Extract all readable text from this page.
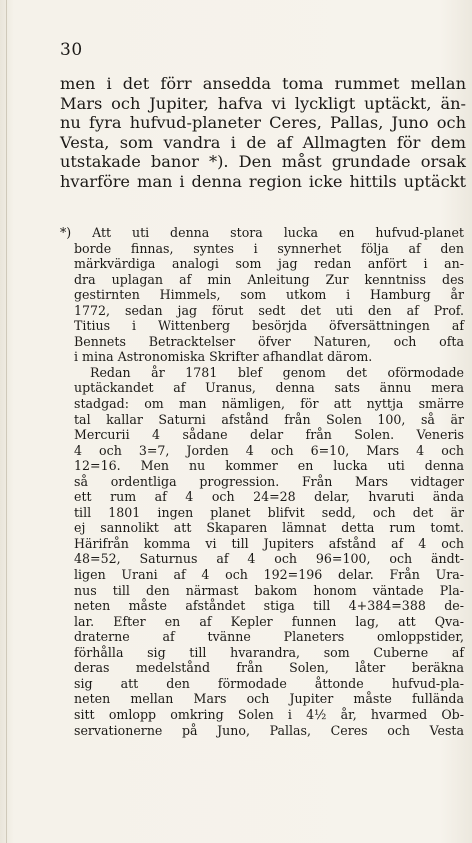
30
men i det förr ansedda toma rummet mellan
Mars och Jupiter, hafva vi lyckligt uptäckt, än-
nu fyra hufvud-planeter Ceres, Pallas, Juno och
Vesta, som vandra i de af Allmagten för dem
utstakade banor *). Den måst grundade orsak
hvarföre man i denna region icke hittils uptäckt
*) Att uti denna stora lucka en hufvud-planet
borde finnas, syntes i synnerhet följa af den
märkvärdiga analogi som jag redan anfört i an-
dra uplagan af min Anleitung Zur kenntniss des
gestirnten Himmels, som utkom i Hamburg år
1772, sedan jag förut sedt det uti den af Prof.
Titius i Wittenberg besörjda öfversättningen af
Bennets Betracktelser öfver Naturen, och ofta
i mina Astronomiska Skrifter afhandlat därom.
Redan år 1781 blef genom det oförmodade
uptäckandet af Uranus, denna sats ännu mera
stadgad: om man nämligen, för att nyttja smärre
tal kallar Saturni afstånd från Solen 100, så är
Mercurii 4 sådane delar från Solen. Veneris
4 och 3=7, Jorden 4 och 6=10, Mars 4 och
12=16. Men nu kommer en lucka uti denna
så ordentliga progression. Från Mars vidtager
ett rum af 4 och 24=28 delar, hvaruti ända
till 1801 ingen planet blifvit sedd, och det är
ej sannolikt att Skaparen lämnat detta rum tomt.
Härifrån komma vi till Jupiters afstånd af 4 och
48=52, Saturnus af 4 och 96=100, och ändt-
ligen Urani af 4 och 192=196 delar. Från Ura-
nus till den närmast bakom honom väntade Pla-
neten måste afståndet stiga till 4+384=388 de-
lar. Efter en af Kepler funnen lag, att Qva-
draterne af tvänne Planeters omloppstider,
förhålla sig till hvarandra, som Cuberne af
deras medelstånd från Solen, låter beräkna
sig att den förmodade åttonde hufvud-pla-
neten mellan Mars och Jupiter måste fullända
sitt omlopp omkring Solen i 4½ år, hvarmed Ob-
servationerne på Juno, Pallas, Ceres och Vesta
